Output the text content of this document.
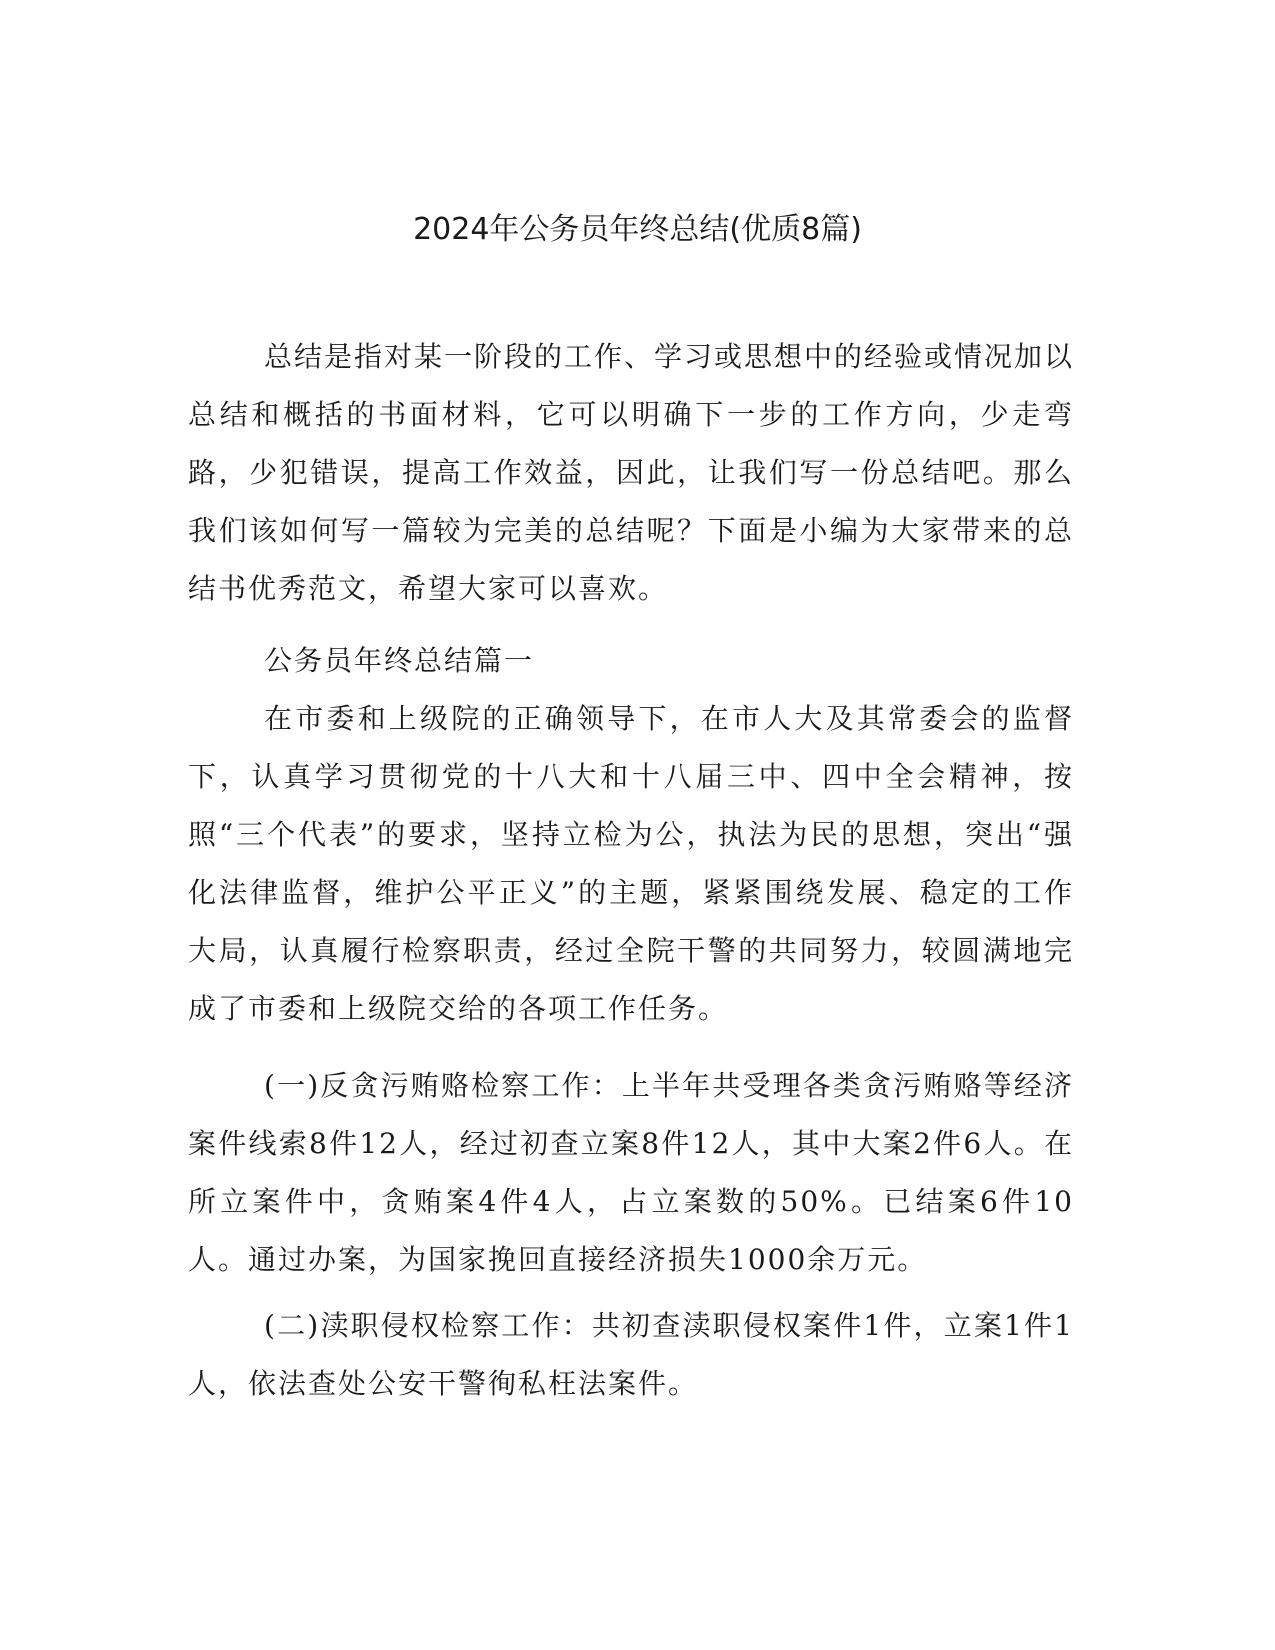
2024年公务员年终总结(优质8篇)

总结是指对某一阶段的工作、学习或思想中的经验或情况加以总结和概括的书面材料，它可以明确下一步的工作方向，少走弯路，少犯错误，提高工作效益，因此，让我们写一份总结吧。那么我们该如何写一篇较为完美的总结呢？下面是小编为大家带来的总结书优秀范文，希望大家可以喜欢。

公务员年终总结篇一

在市委和上级院的正确领导下，在市人大及其常委会的监督下，认真学习贯彻党的十八大和十八届三中、四中全会精神，按照“三个代表”的要求，坚持立检为公，执法为民的思想，突出“强化法律监督，维护公平正义”的主题，紧紧围绕发展、稳定的工作大局，认真履行检察职责，经过全院干警的共同努力，较圆满地完成了市委和上级院交给的各项工作任务。

(一)反贪污贿赂检察工作：上半年共受理各类贪污贿赂等经济案件线索8件12人，经过初查立案8件12人，其中大案2件6人。在所立案件中，贪贿案4件4人，占立案数的50%。已结案6件10人。通过办案，为国家挽回直接经济损失1000余万元。

(二)渎职侵权检察工作：共初查渎职侵权案件1件，立案1件1人，依法查处公安干警徇私枉法案件。
